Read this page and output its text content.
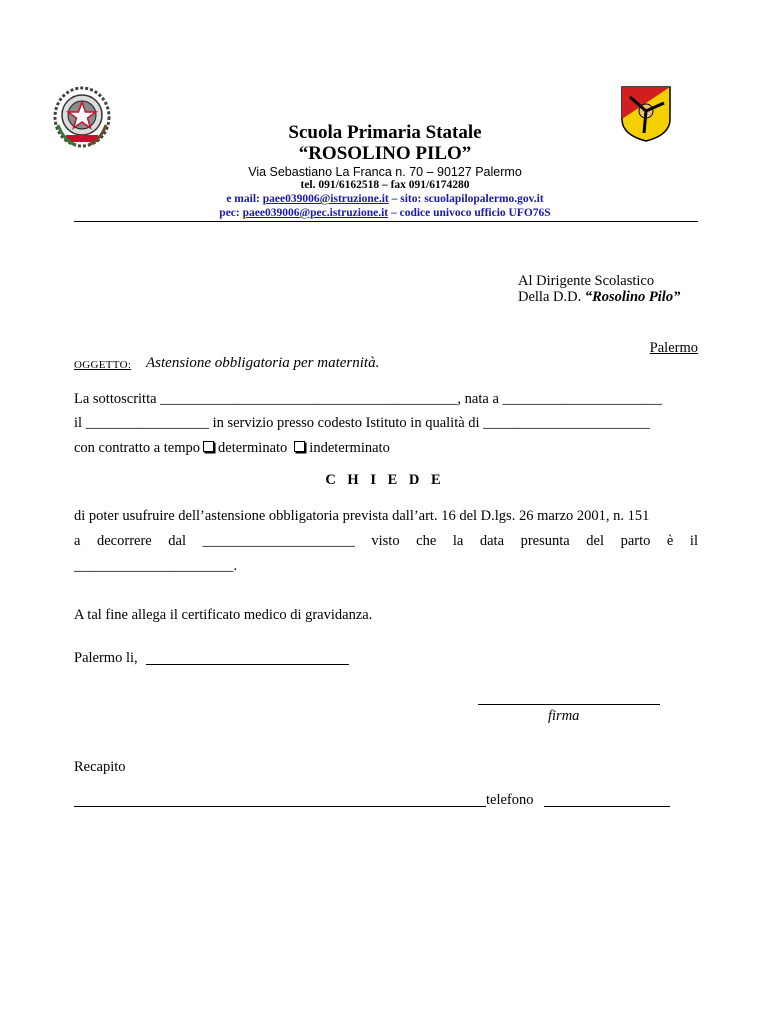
Scuola Primaria Statale
“ROSOLINO PILO”
Via Sebastiano La Franca n. 70 – 90127 Palermo
tel. 091/6162518 – fax 091/6174280
e mail: paee039006@istruzione.it – sito: scuolapilopalermo.gov.it
pec: paee039006@pec.istruzione.it – codice univoco ufficio UFO76S
Al Dirigente Scolastico
Della D.D. “Rosolino Pilo”
Palermo
OGGETTO: Astensione obbligatoria per maternità.
La sottoscritta _________________________________________, nata a ______________________
il _________________ in servizio presso codesto Istituto in qualità di _______________________
con contratto a tempo determinato indeterminato
C H I E D E
di poter usufruire dell’astensione obbligatoria prevista dall’art. 16 del D.lgs. 26 marzo 2001, n. 151
a decorrere dal _____________________ visto che la data presunta del parto è il
______________________.
A tal fine allega il certificato medico di gravidanza.
Palermo li,
firma
Recapito
telefono
